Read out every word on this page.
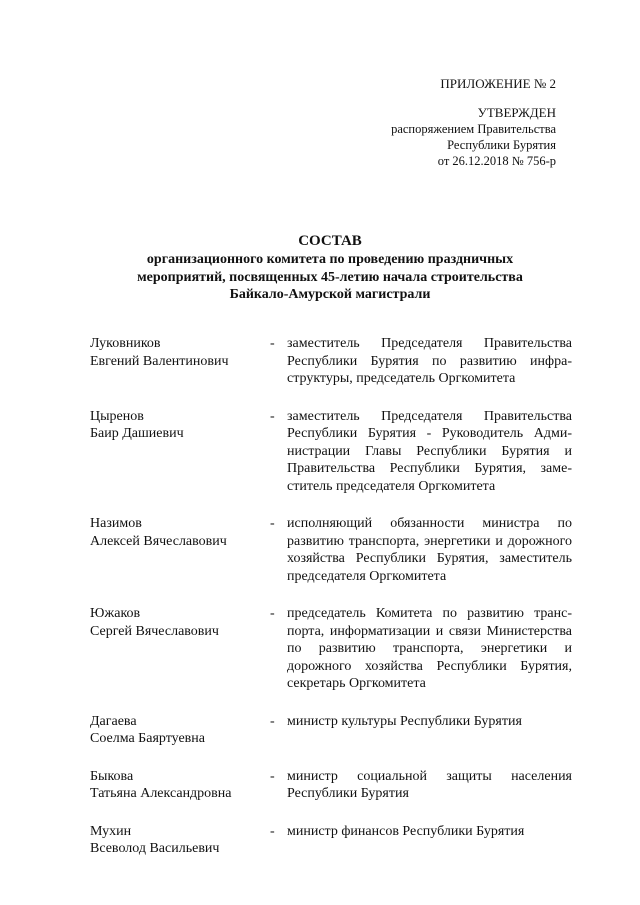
ПРИЛОЖЕНИЕ № 2
УТВЕРЖДЕН
распоряжением Правительства
Республики Бурятия
от 26.12.2018 № 756-р
СОСТАВ
организационного комитета по проведению праздничных
мероприятий, посвященных 45-летию начала строительства
Байкало-Амурской магистрали
Луковников
Евгений Валентинович
- заместитель Председателя Правительства Республики Бурятия по развитию инфраструктуры, председатель Оргкомитета
Цыренов
Баир Дашиевич
- заместитель Председателя Правительства Республики Бурятия - Руководитель Администрации Главы Республики Бурятия и Правительства Республики Бурятия, заместитель председателя Оргкомитета
Назимов
Алексей Вячеславович
- исполняющий обязанности министра по развитию транспорта, энергетики и дорожного хозяйства Республики Бурятия, заместитель председателя Оргкомитета
Южаков
Сергей Вячеславович
- председатель Комитета по развитию транспорта, информатизации и связи Министерства по развитию транспорта, энергетики и дорожного хозяйства Республики Бурятия, секретарь Оргкомитета
Дагаева
Соелма Баяртуевна
- министр культуры Республики Бурятия
Быкова
Татьяна Александровна
- министр социальной защиты населения Республики Бурятия
Мухин
Всеволод Васильевич
- министр финансов Республики Бурятия
